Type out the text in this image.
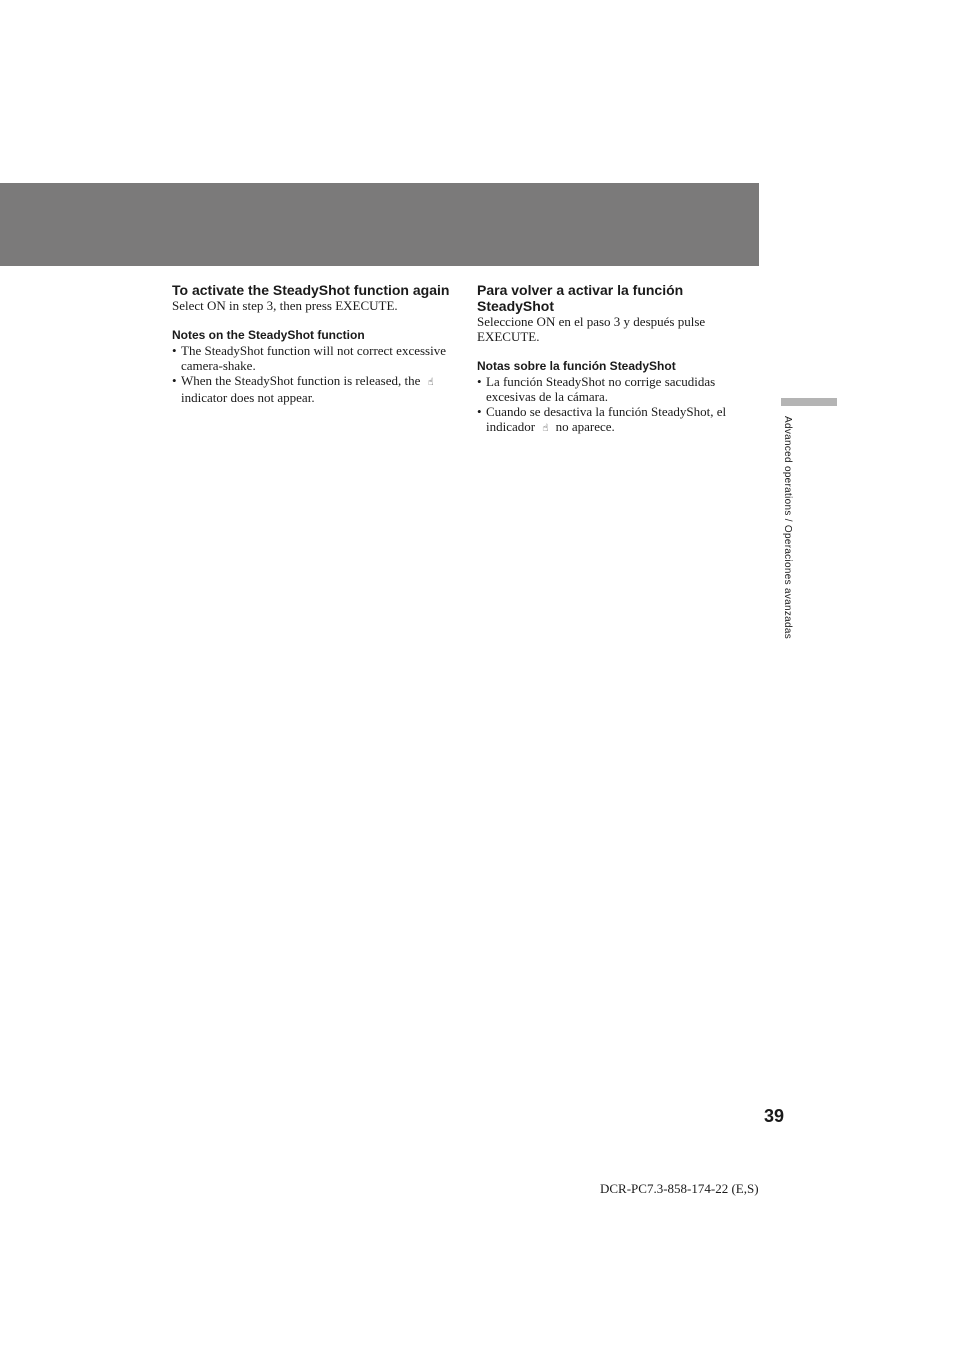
To activate the SteadyShot function again

Select ON in step 3, then press EXECUTE.

Notes on the SteadyShot function
• The SteadyShot function will not correct excessive camera-shake.
• When the SteadyShot function is released, the ☝ indicator does not appear.
Para volver a activar la función SteadyShot

Seleccione ON en el paso 3 y después pulse EXECUTE.

Notas sobre la función SteadyShot
• La función SteadyShot no corrige sacudidas excesivas de la cámara.
• Cuando se desactiva la función SteadyShot, el indicador ☝ no aparece.	Advanced operations / Operaciones avanzadas
39
DCR-PC7.3-858-174-22 (E,S)
